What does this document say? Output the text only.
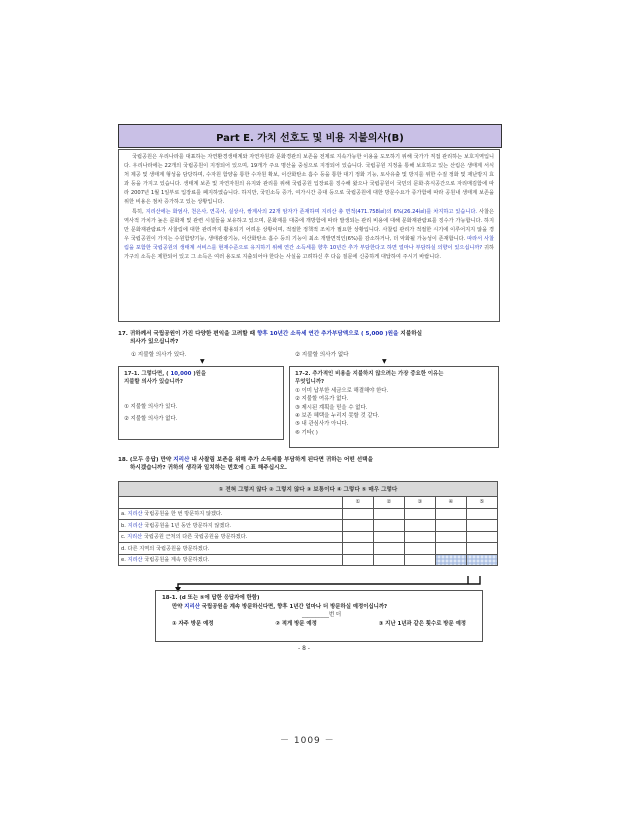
Part E. 가치 선호도 및 비용 지불의사(B)

국립공원은 우리나라를 대표하는 자연환경생태계와 자연자원과 문화경관의 보존을 전제로 지속가능한 이용을 도모하기 위해 국가가 직접 관리하는 보호지역입니다. 우리나라에는 22개의 국립공원이 지정되어 있으며, 19개가 주요 명산을 중심으로 지정되어 있습니다. 국립공원 지정을 통해 보호하고 있는 산림은 생태계 서식처 제공 및 생태계 형성을 담당하며, 수자원 함양을 통한 수자원 확보, 이산화탄소 흡수 등을 통한 대기 정화 기능, 토사유출 및 방지를 위한 수질 정화 및 재난방지 효과 등을 가지고 있습니다. 생태계 보존 및 자연자원의 유지와 관리를 위해 국립공원 입장료를 징수해 왔으나 국립공원이 국민의 문화·휴식공간으로 자리매김함에 따라 2007년 1월 1일부로 입장료를 폐지하였습니다. 하지만, 국민소득 증가, 여가시간 증대 등으로 국립공원에 대한 방문수요가 증가함에 따라 공원내 생태계 보존을 위한 비용은 점차 증가하고 있는 상황입니다.

특히, 지리산에는 화엄사, 천은사, 연곡사, 실상사, 쌍계사의 22개 암자가 존재하며 지리산 총 면적(471.758㎢)의 6%(26.24㎢)를 차지하고 있습니다. 사찰은 역사적 가치가 높은 문화재 및 관련 시설들을 보유하고 있으며, 문화재를 대중에 개방함에 따라 발생되는 관리 비용에 대해 문화재관람료를 징수가 가능합니다. 하지만 문화재관람료가 사찰림에 대한 관리까지 활용되기 어려운 상황이며, 적절한 정책적 조치가 필요한 상황입니다. 사찰림 관리가 적절한 시기에 이루어지지 않을 경우 국립공원이 가지는 수원함양기능, 생태관광기능, 이산화탄소 흡수 등의 기능이 최소 개발면적인(6%)를 감소하거나, 더 악화될 가능성이 존재합니다. 따라서 사찰림을 포함한 국립공원의 생태계 서비스를 현재수준으로 유지하기 위해 연간 소득세를 향후 10년간 추가 부담한다고 하면 얼마나 부담하실 의향이 있으십니까? 귀하 가구의 소득은 제한되어 있고 그 소득은 여러 용도로 지출되어야 한다는 사실을 고려하신 후 다음 질문에 신중하게 대답하여 주시기 바랍니다.

17. 귀하께서 국립공원이 가진 다양한 편익을 고려할 때 향후 10년간 소득세 연간 추가부담액으로 ( 5,000 )원을 지불하실
의사가 있으십니까?
① 지불할 의사가 있다.	② 지불할 의사가 없다
▼	▼
17-1. 그렇다면, ( 10,000 )원을
지불할 의사가 있습니까?
① 지불할 의사가 있다.
② 지불할 의사가 없다.
17-2. 추가적인 비용을 지불하지 않으려는 가장 중요한 이유는
무엇입니까?
① 이미 납부한 세금으로 해결해야 한다.
② 지불할 여유가 없다.
③ 제시된 계획을 믿을 수 없다.
④ 보존 혜택을 누리지 못할 것 같다.
⑤ 내 관심사가 아니다.
⑥ 기타( )
18. (모두 응답) 만약 지리산 내 사찰림 보존을 위해 추가 소득세를 부담하게 된다면 귀하는 어떤 선택을
하시겠습니까? 귀하의 생각과 일치하는 번호에 ○표 해주십시오.
① 전혀 그렇지 않다 ② 그렇지 않다 ③ 보통이다 ④ 그렇다 ⑤ 매우 그렇다					
	①	②	③	④	⑤
a. 지리산 국립공원을 한 번 방문하지 않겠다.					
b. 지리산 국립공원을 1년 동안 방문하지 않겠다.					
c. 지리산 국립공원 근처의 다른 국립공원을 방문하겠다.					
d. 다른 지역의 국립공원을 방문하겠다.					
e. 지리산 국립공원을 계속 방문하겠다.					
18-1. (d 또는 ⑤에 답한 응답자에 한함)
만약 지리산 국립공원을 계속 방문하신다면, 향후 1년간 얼마나 더 방문하실 예정이십니까?
__________번 더
① 자주 방문 예정	② 적게 방문 예정	③ 지난 1년과 같은 횟수로 방문 예정
- 8 -
－ 1009 －
